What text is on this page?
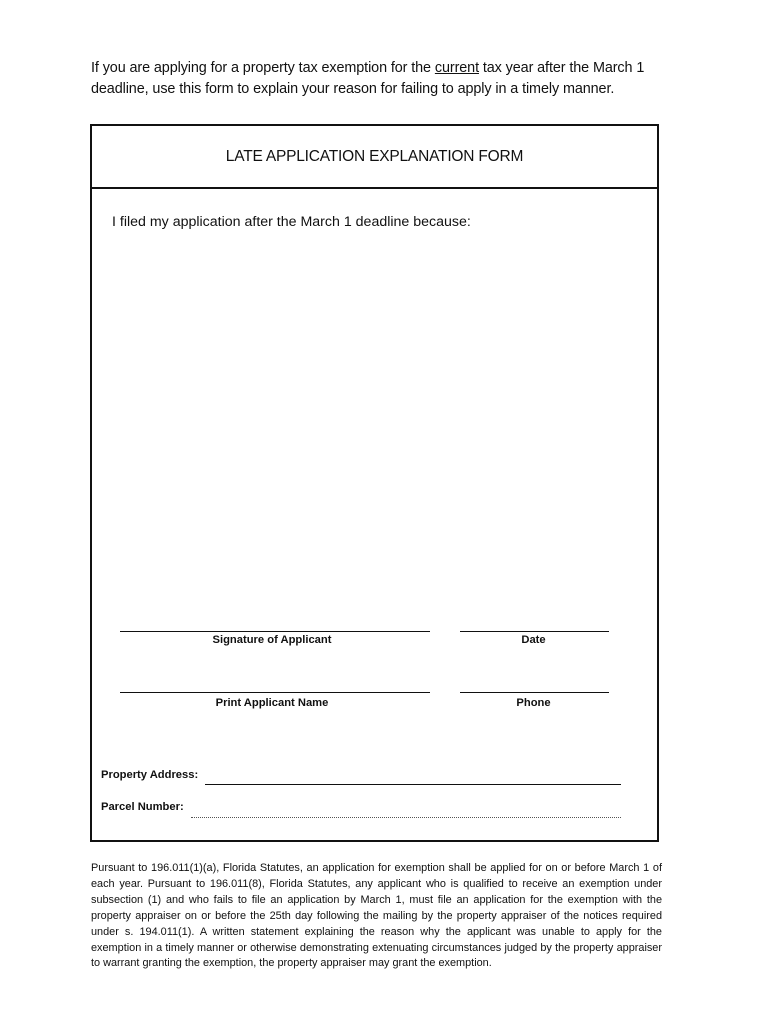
If you are applying for a property tax exemption for the current tax year after the March 1 deadline, use this form to explain your reason for failing to apply in a timely manner.
LATE APPLICATION EXPLANATION FORM
I filed my application after the March 1 deadline because:
Signature of Applicant	Date
Print Applicant Name	Phone
Property Address:
Parcel Number:
Pursuant to 196.011(1)(a), Florida Statutes, an application for exemption shall be applied for on or before March 1 of each year. Pursuant to 196.011(8), Florida Statutes, any applicant who is qualified to receive an exemption under subsection (1) and who fails to file an application by March 1, must file an application for the exemption with the property appraiser on or before the 25th day following the mailing by the property appraiser of the notices required under s. 194.011(1). A written statement explaining the reason why the applicant was unable to apply for the exemption in a timely manner or otherwise demonstrating extenuating circumstances judged by the property appraiser to warrant granting the exemption, the property appraiser may grant the exemption.
